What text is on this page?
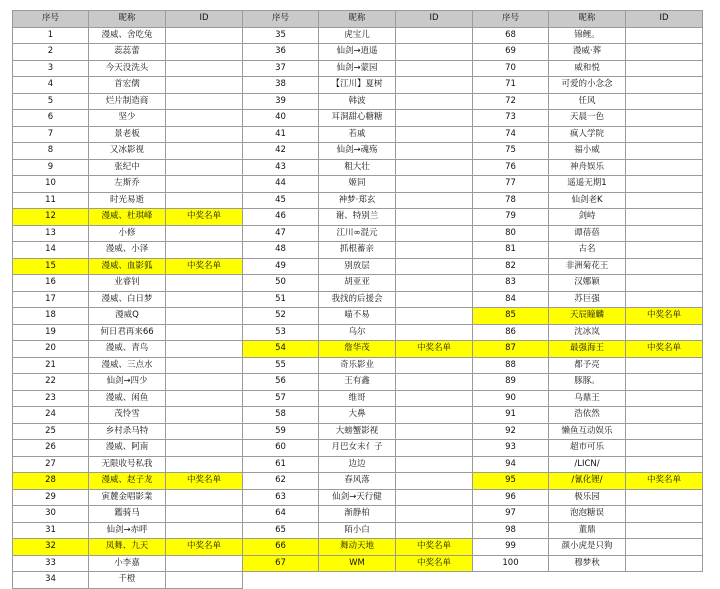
序号	昵称	ID	序号	昵称	ID	序号	昵称	ID
1	漫威、舍吃兔		35	虎宝儿		68	锦鲤。	
2	蕊蕊蕾		36	仙剑→逍遥		69	漫威·葬	
3	今天没洗头		37	仙剑→蒙园		70	威和悦	
4	首宏儒		38	【江川】夏树		71	可爱的小念念	
5	烂片制造商		39	韩波		72	任风	
6	坚少		40	耳洞甜心糖糖		73	天晨一色	
7	景老板		41	若戚		74	疯人学院	
8	又冰影视		42	仙剑→魂殇		75	福小威	
9	张纪中		43	粗大壮		76	神舟娱乐	
10	左斯乔		44	姬同		77	遥遥无期1	
11	时光易逝		45	神梦·郑玄		78	仙剑老K	
12	漫威、杜琪峰	中奖名单	46	谢、特别兰		79	剑峙	
13	小修		47	江川∞混元		80	谭蓓蓓	
14	漫威、小泽		48	抓根蓄亲		81	古名	
15	漫威、血影狐	中奖名单	49	别放层		82	非洲菊花王	
16	业睿钊		50	胡亚亚		83	汉娜颖	
17	漫威、白日梦		51	我找的后援会		84	苏巨强	
18	漫威Q		52	喵不易		85	天辰瞳麟	中奖名单
19	何日君再来66		53	乌尔		86	沈冰岚	
20	漫威、青鸟		54	詹华茂	中奖名单	87	最强海王	中奖名单
21	漫威、三点水		55	奇乐影业		88	都予亮	
22	仙剑→四少		56	王有鑫		89	豚豚。	
23	漫威、闲鱼		57	维哥		90	乌鼎王	
24	茂怜雪		58	大鼻		91	浩依然	
25	乡村杀马特		59	大螃蟹影视		92	懒鱼互动娱乐	
26	漫威、阿南		60	月巴女未亻子		93	超市可乐	
27	无限收号私我		61	边边		94	/LICN/	
28	漫威、赵子龙	中奖名单	62	春风落		95	/氰化锂/	中奖名单
29	寅麓金唱影業		63	仙剑→天行健		96	极乐园	
30	鑑骑马		64	渐静柏		97	泡泡糖误	
31	仙剑→赤呼		65	陌小白		98	董鼎	
32	凤舞、九天	中奖名单	66	舞动天地	中奖名单	99	颜小虎是只狗	
33	小李嘉		67	WM	中奖名单	100	穆梦秋	
34	千橙							
